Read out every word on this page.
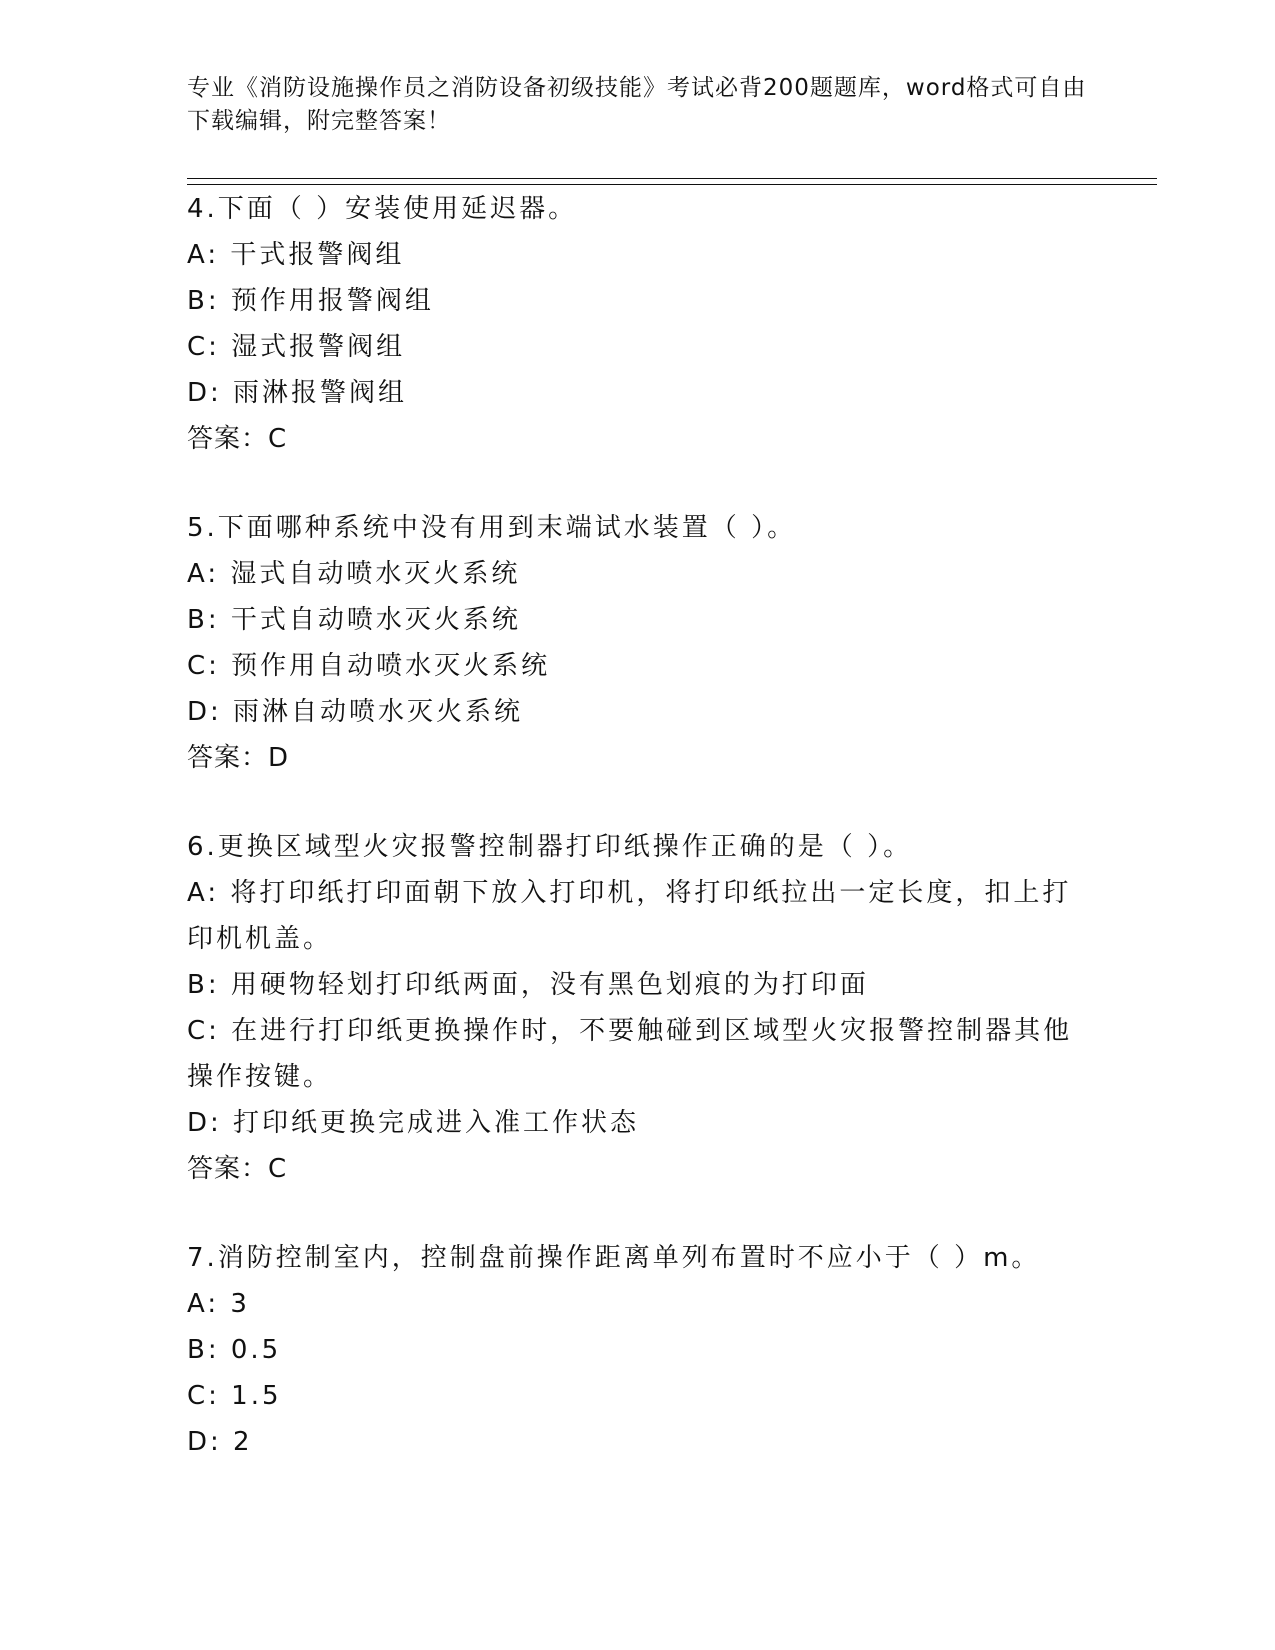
专业《消防设施操作员之消防设备初级技能》考试必背200题题库，word格式可自由下载编辑，附完整答案！
4.下面（ ）安装使用延迟器。
A: 干式报警阀组
B: 预作用报警阀组
C: 湿式报警阀组
D: 雨淋报警阀组
答案：C
5.下面哪种系统中没有用到末端试水装置（ ）。
A: 湿式自动喷水灭火系统
B: 干式自动喷水灭火系统
C: 预作用自动喷水灭火系统
D: 雨淋自动喷水灭火系统
答案：D
6.更换区域型火灾报警控制器打印纸操作正确的是（ ）。
A: 将打印纸打印面朝下放入打印机，将打印纸拉出一定长度，扣上打印机机盖。
B: 用硬物轻划打印纸两面，没有黑色划痕的为打印面
C: 在进行打印纸更换操作时，不要触碰到区域型火灾报警控制器其他操作按键。
D: 打印纸更换完成进入准工作状态
答案：C
7.消防控制室内，控制盘前操作距离单列布置时不应小于（ ）m。
A: 3
B: 0.5
C: 1.5
D: 2
